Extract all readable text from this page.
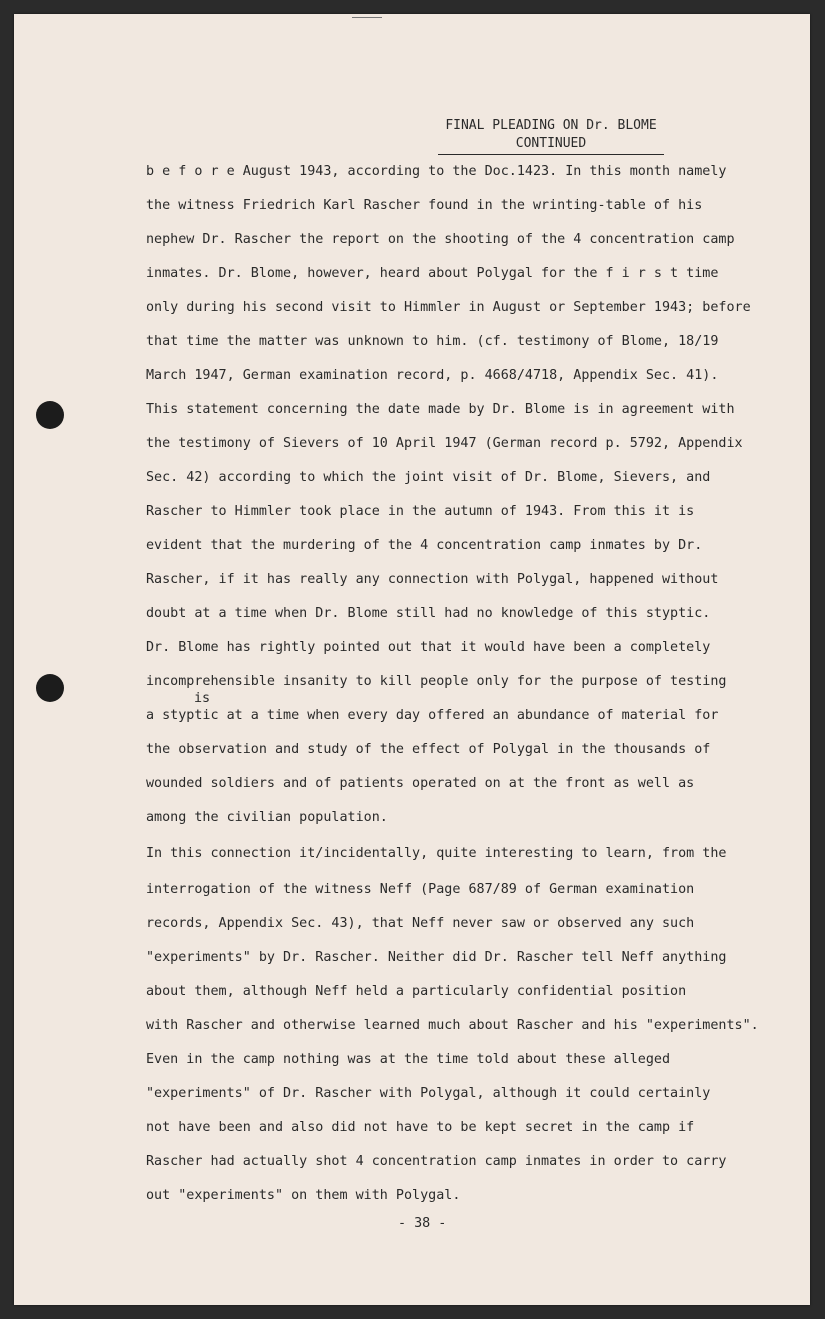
FINAL PLEADING ON Dr. BLOME
CONTINUED
b e f o r e August 1943, according to the Doc.1423. In this month namely
the witness Friedrich Karl Rascher found in the wrinting-table of his
nephew Dr. Rascher the report on the shooting of the 4 concentration camp
inmates. Dr. Blome, however, heard about Polygal for the f i r s t time
only during his second visit to Himmler in August or September 1943; before
that time the matter was unknown to him. (cf. testimony of Blome, 18/19
March 1947, German examination record, p. 4668/4718, Appendix Sec. 41).
This statement concerning the date made by Dr. Blome is in agreement with
the testimony of Sievers of 10 April 1947 (German record p. 5792, Appendix
Sec. 42) according to which the joint visit of Dr. Blome, Sievers, and
Rascher to Himmler took place in the autumn of 1943. From this it is
evident that the murdering of the 4 concentration camp inmates by Dr.
Rascher, if it has really any connection with Polygal, happened without
doubt at a time when Dr. Blome still had no knowledge of this styptic.
Dr. Blome has rightly pointed out that it would have been a completely
incomprehensible insanity to kill people only for the purpose of testing
a styptic at a time when every day offered an abundance of material for
the observation and study of the effect of Polygal in the thousands of
wounded soldiers and of patients operated on at the front as well as
among the civilian population.
In this connection it/incidentally, quite interesting to learn, from the
interrogation of the witness Neff (Page 687/89 of German examination
records, Appendix Sec. 43), that Neff never saw or observed any such
"experiments" by Dr. Rascher. Neither did Dr. Rascher tell Neff anything
about them, although Neff held a particularly confidential position
with Rascher and otherwise learned much about Rascher and his "experiments".
Even in the camp nothing was at the time told about these alleged
"experiments" of Dr. Rascher with Polygal, although it could certainly
not have been and also did not have to be kept secret in the camp if
Rascher had actually shot 4 concentration camp inmates in order to carry
out "experiments" on them with Polygal.
is
- 38 -
